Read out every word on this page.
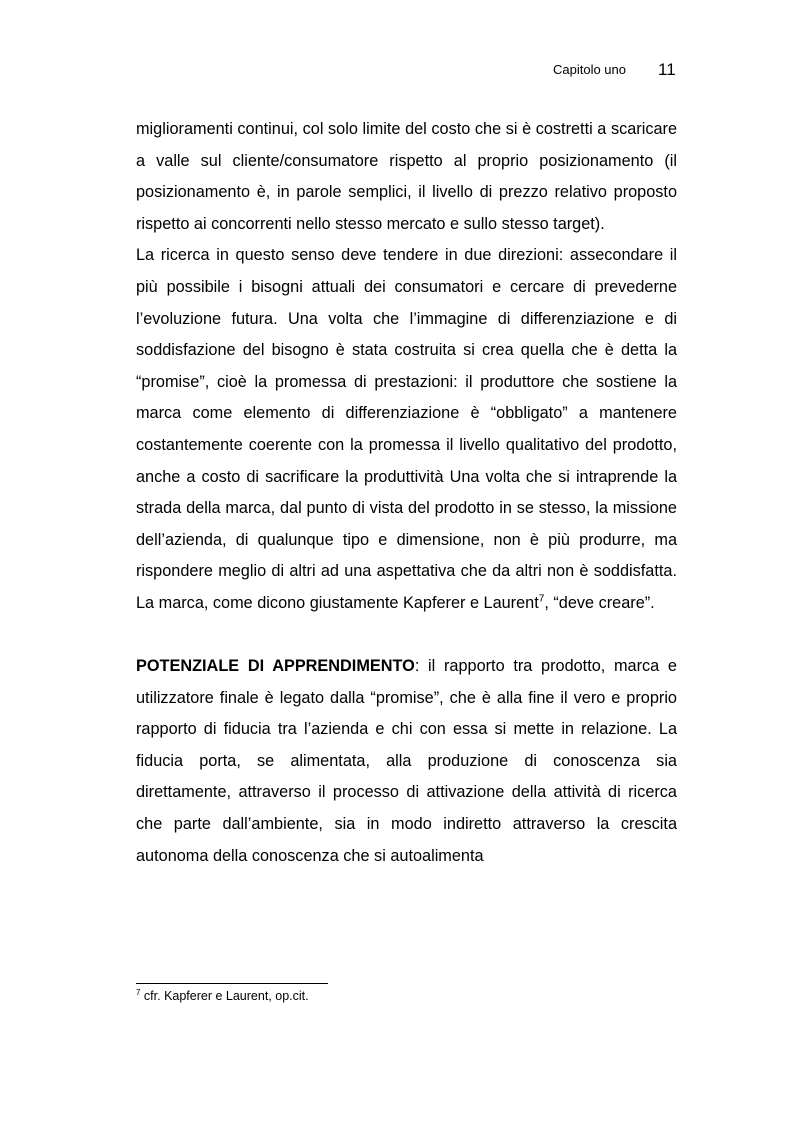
Capitolo uno 11

miglioramenti continui, col solo limite del costo che si è costretti a scaricare a valle sul cliente/consumatore rispetto al proprio posizionamento (il posizionamento è, in parole semplici, il livello di prezzo relativo proposto rispetto ai concorrenti nello stesso mercato e sullo stesso target).

La ricerca in questo senso deve tendere in due direzioni: assecondare il più possibile i bisogni attuali dei consumatori e cercare di prevederne l’evoluzione futura. Una volta che l’immagine di differenziazione e di soddisfazione del bisogno è stata costruita si crea quella che è detta la “promise”, cioè la promessa di prestazioni: il produttore che sostiene la marca come elemento di differenziazione è “obbligato” a mantenere costantemente coerente con la promessa il livello qualitativo del prodotto, anche a costo di sacrificare la produttività Una volta che si intraprende la strada della marca, dal punto di vista del prodotto in se stesso, la missione dell’azienda, di qualunque tipo e dimensione, non è più produrre, ma rispondere meglio di altri ad una aspettativa che da altri non è soddisfatta. La marca, come dicono giustamente Kapferer e Laurent$^7$, “deve creare”.

POTENZIALE DI APPRENDIMENTO: il rapporto tra prodotto, marca e utilizzatore finale è legato dalla “promise”, che è alla fine il vero e proprio rapporto di fiducia tra l’azienda e chi con essa si mette in relazione. La fiducia porta, se alimentata, alla produzione di conoscenza sia direttamente, attraverso il processo di attivazione della attività di ricerca che parte dall’ambiente, sia in modo indiretto attraverso la crescita autonoma della conoscenza che si autoalimenta

$^7$ cfr. Kapferer e Laurent, op.cit.
